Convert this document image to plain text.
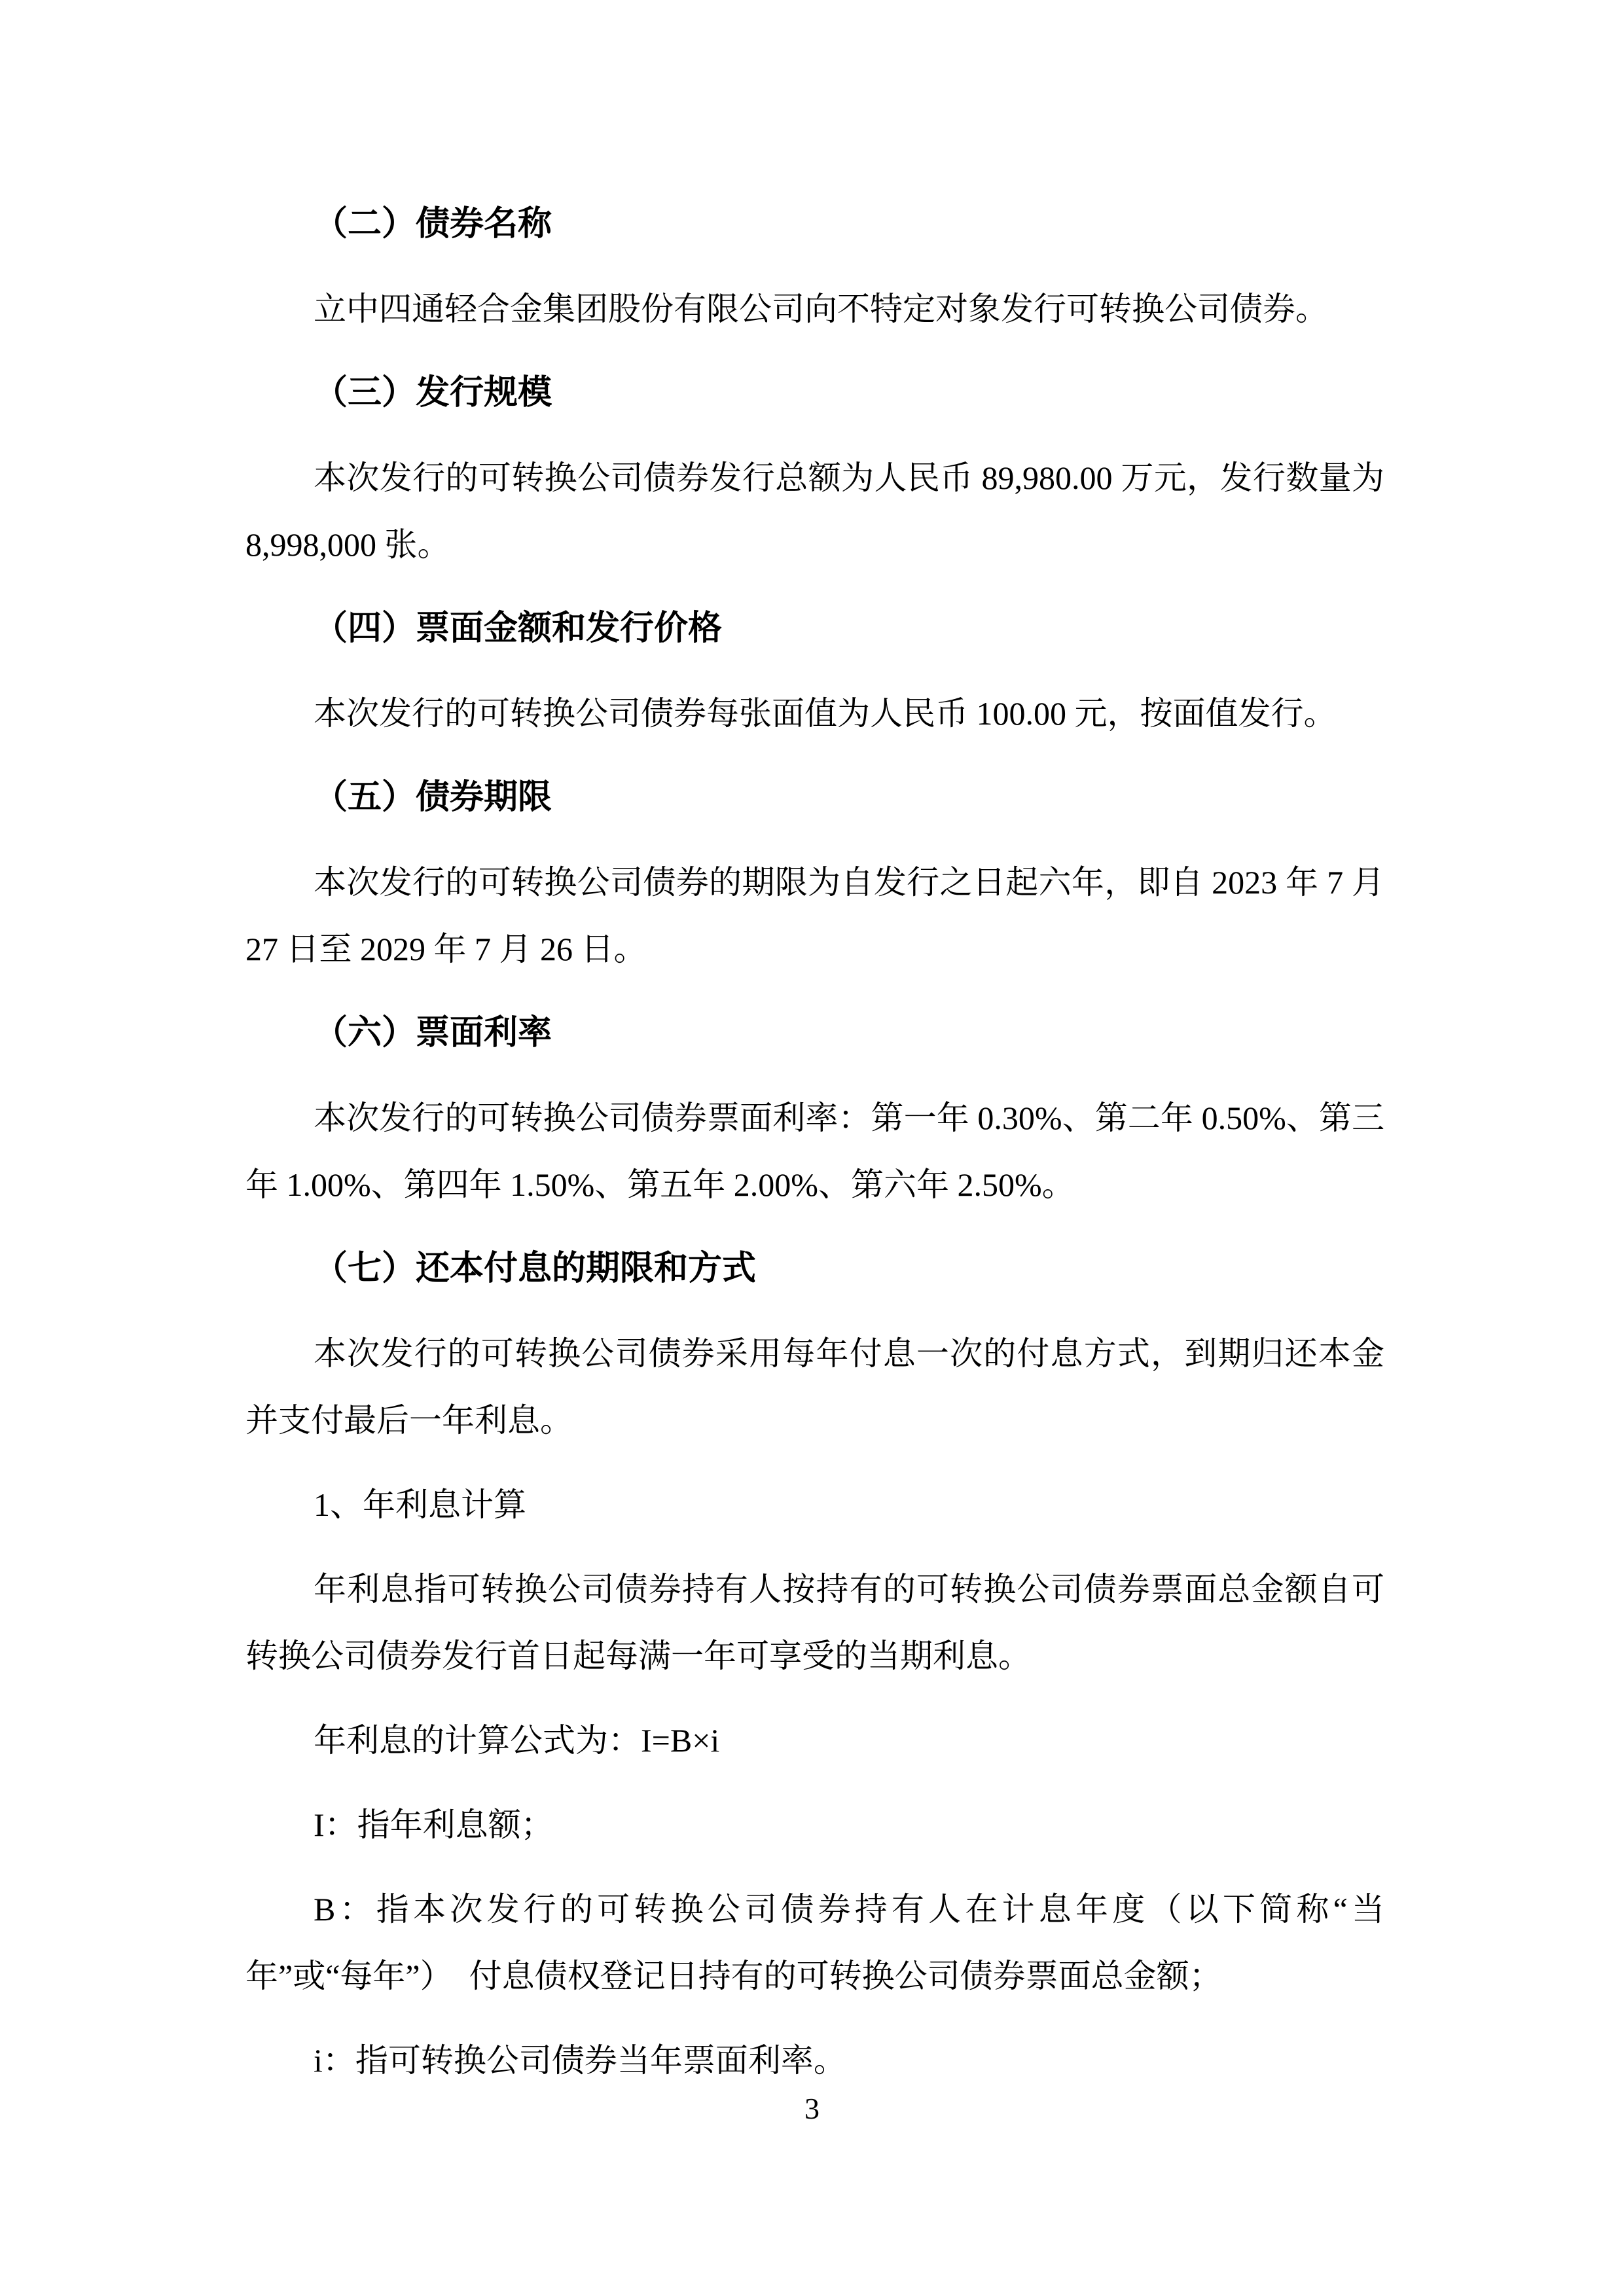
（二）债券名称
立中四通轻合金集团股份有限公司向不特定对象发行可转换公司债券。
（三）发行规模
本次发行的可转换公司债券发行总额为人民币 89,980.00 万元，发行数量为 8,998,000 张。
（四）票面金额和发行价格
本次发行的可转换公司债券每张面值为人民币 100.00 元，按面值发行。
（五）债券期限
本次发行的可转换公司债券的期限为自发行之日起六年，即自 2023 年 7 月 27 日至 2029 年 7 月 26 日。
（六）票面利率
本次发行的可转换公司债券票面利率：第一年 0.30%、第二年 0.50%、第三年 1.00%、第四年 1.50%、第五年 2.00%、第六年 2.50%。
（七）还本付息的期限和方式
本次发行的可转换公司债券采用每年付息一次的付息方式，到期归还本金并支付最后一年利息。
1、年利息计算
年利息指可转换公司债券持有人按持有的可转换公司债券票面总金额自可转换公司债券发行首日起每满一年可享受的当期利息。
年利息的计算公式为：I=B×i
I：指年利息额；
B：指本次发行的可转换公司债券持有人在计息年度（以下简称“当年”或“每年”）　付息债权登记日持有的可转换公司债券票面总金额；
i：指可转换公司债券当年票面利率。
3
